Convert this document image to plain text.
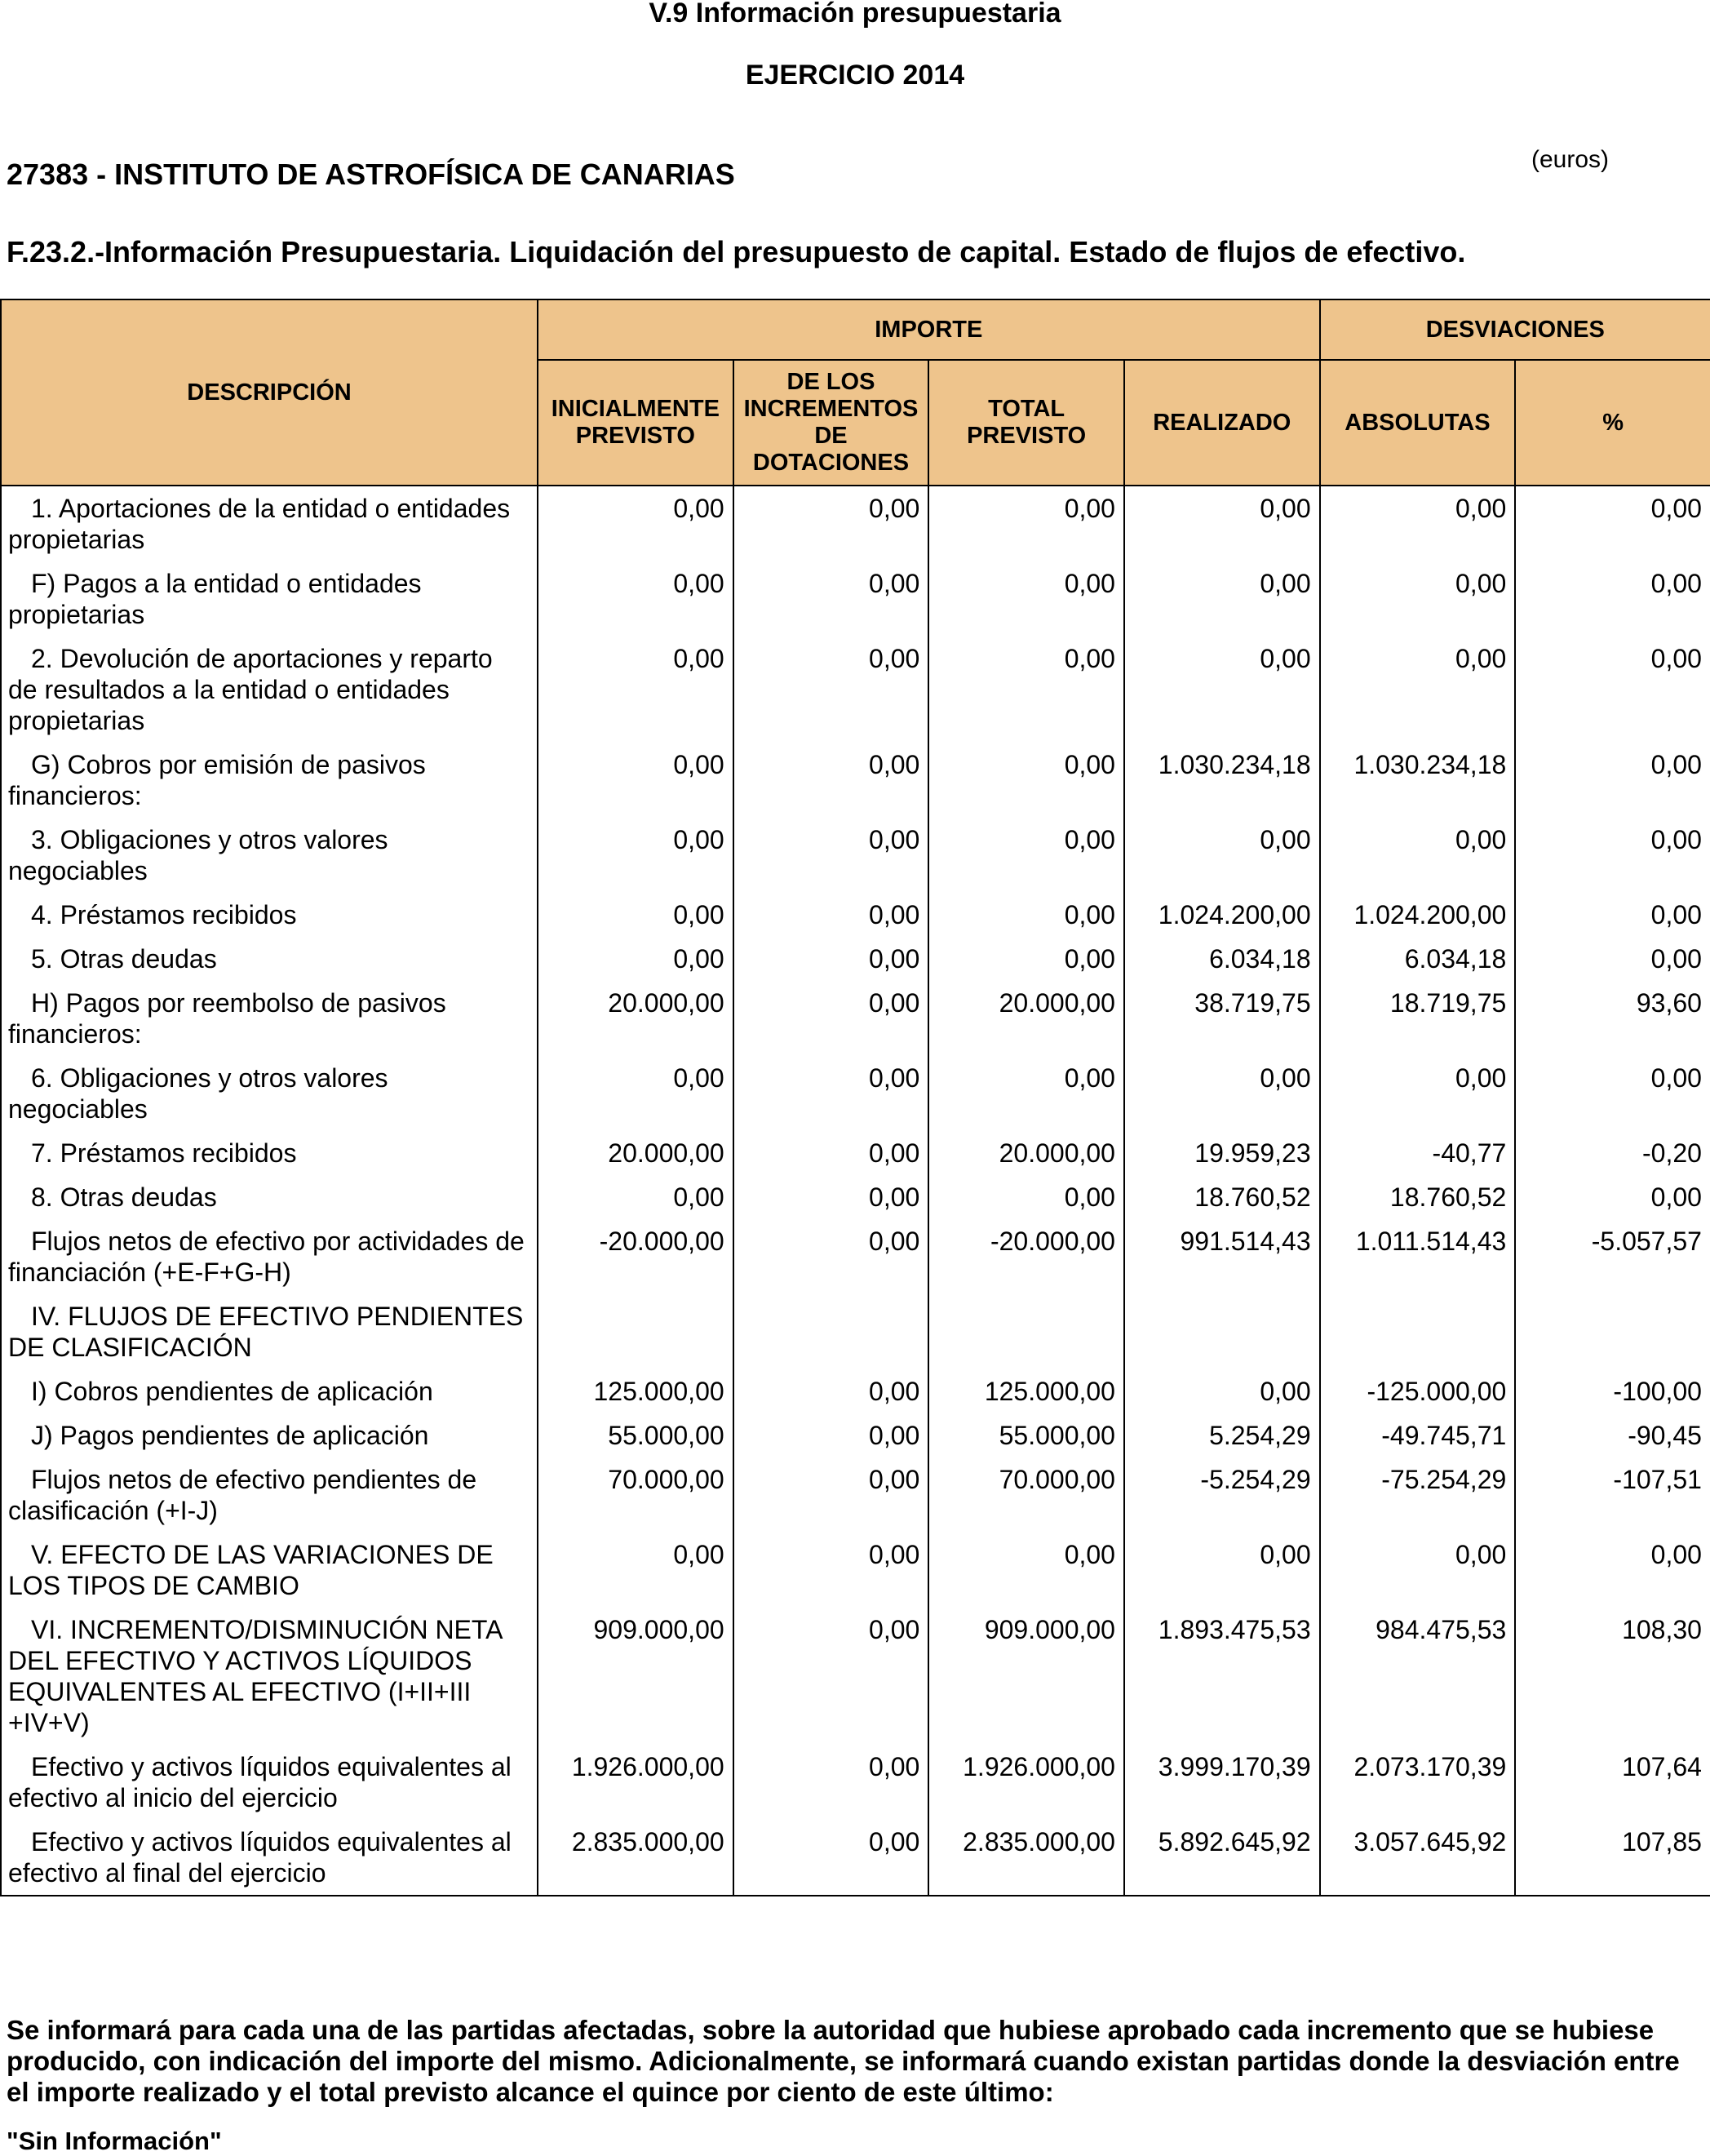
V.9 Información presupuestaria
EJERCICIO 2014
27383 - INSTITUTO DE ASTROFÍSICA DE CANARIAS	(euros)
F.23.2.-Información Presupuestaria. Liquidación del presupuesto de capital. Estado de flujos de efectivo.
DESCRIPCIÓN	IMPORTE				DESVIACIONES	
	INICIALMENTE PREVISTO	DE LOS INCREMENTOS DE DOTACIONES	TOTAL PREVISTO	REALIZADO	ABSOLUTAS	%

1. Aportaciones de la entidad o entidades propietarias	0,00	0,00	0,00	0,00	0,00	0,00

F) Pagos a la entidad o entidades propietarias	0,00	0,00	0,00	0,00	0,00	0,00

2. Devolución de aportaciones y reparto de resultados a la entidad o entidades propietarias	0,00	0,00	0,00	0,00	0,00	0,00

G) Cobros por emisión de pasivos financieros:	0,00	0,00	0,00	1.030.234,18	1.030.234,18	0,00

3. Obligaciones y otros valores negociables	0,00	0,00	0,00	0,00	0,00	0,00

4. Préstamos recibidos	0,00	0,00	0,00	1.024.200,00	1.024.200,00	0,00

5. Otras deudas	0,00	0,00	0,00	6.034,18	6.034,18	0,00

H) Pagos por reembolso de pasivos financieros:	20.000,00	0,00	20.000,00	38.719,75	18.719,75	93,60

6. Obligaciones y otros valores negociables	0,00	0,00	0,00	0,00	0,00	0,00

7. Préstamos recibidos	20.000,00	0,00	20.000,00	19.959,23	-40,77	-0,20

8. Otras deudas	0,00	0,00	0,00	18.760,52	18.760,52	0,00

Flujos netos de efectivo por actividades de financiación (+E-F+G-H)	-20.000,00	0,00	-20.000,00	991.514,43	1.011.514,43	-5.057,57

IV. FLUJOS DE EFECTIVO PENDIENTES DE CLASIFICACIÓN						

I) Cobros pendientes de aplicación	125.000,00	0,00	125.000,00	0,00	-125.000,00	-100,00

J) Pagos pendientes de aplicación	55.000,00	0,00	55.000,00	5.254,29	-49.745,71	-90,45

Flujos netos de efectivo pendientes de clasificación (+I-J)	70.000,00	0,00	70.000,00	-5.254,29	-75.254,29	-107,51

V. EFECTO DE LAS VARIACIONES DE LOS TIPOS DE CAMBIO	0,00	0,00	0,00	0,00	0,00	0,00

VI. INCREMENTO/DISMINUCIÓN NETA DEL EFECTIVO Y ACTIVOS LÍQUIDOS EQUIVALENTES AL EFECTIVO (I+II+III +IV+V)	909.000,00	0,00	909.000,00	1.893.475,53	984.475,53	108,30

Efectivo y activos líquidos equivalentes al efectivo al inicio del ejercicio	1.926.000,00	0,00	1.926.000,00	3.999.170,39	2.073.170,39	107,64

Efectivo y activos líquidos equivalentes al efectivo al final del ejercicio	2.835.000,00	0,00	2.835.000,00	5.892.645,92	3.057.645,92	107,85
Se informará para cada una de las partidas afectadas, sobre la autoridad que hubiese aprobado cada incremento que se hubiese producido, con indicación del importe del mismo. Adicionalmente, se informará cuando existan partidas donde la desviación entre el importe realizado y el total previsto alcance el quince por ciento de este último:
"Sin Información"
